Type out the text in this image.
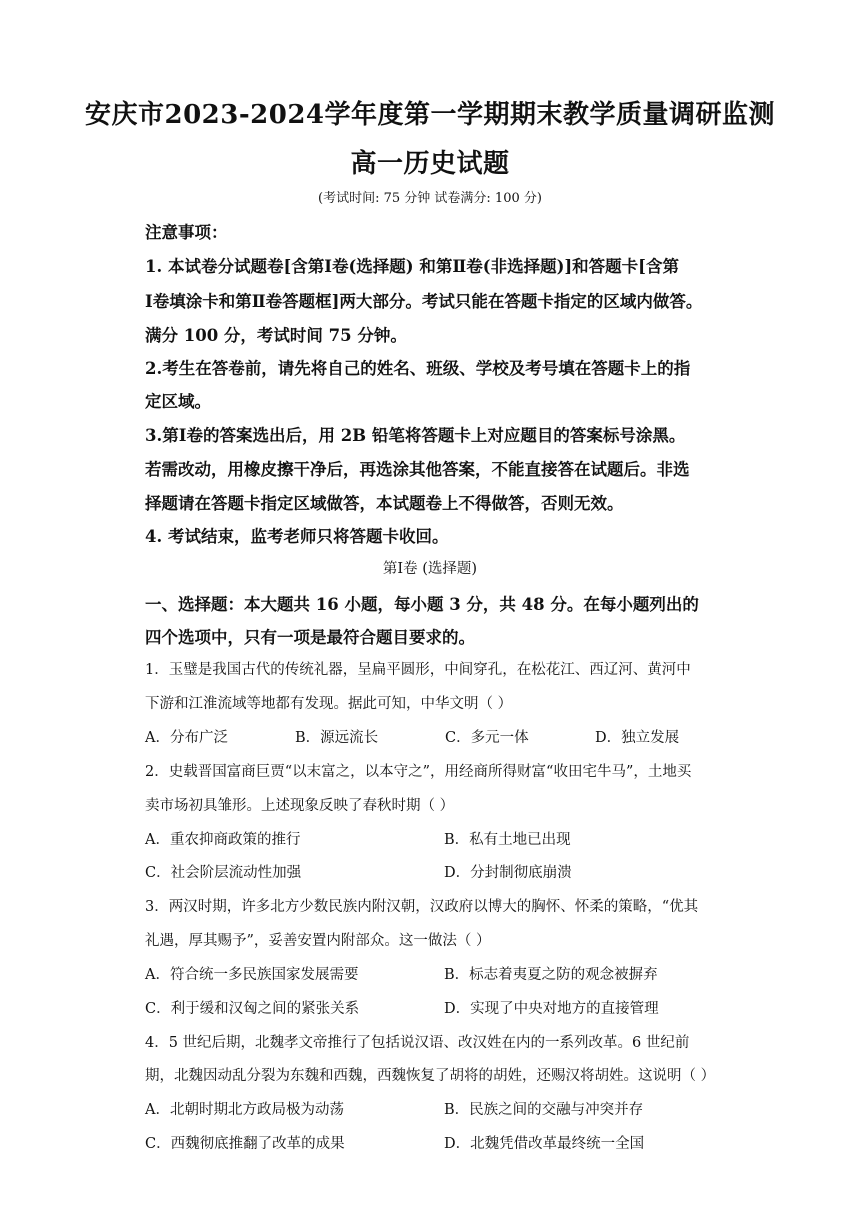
安庆市2023-2024学年度第一学期期末教学质量调研监测
高一历史试题
(考试时间: 75 分钟 试卷满分: 100 分)
注意事项：
1. 本试卷分试题卷[含第Ⅰ卷(选择题) 和第Ⅱ卷(非选择题)]和答题卡[含第
Ⅰ卷填涂卡和第Ⅱ卷答题框]两大部分。考试只能在答题卡指定的区域内做答。
满分 100 分，考试时间 75 分钟。
2.考生在答卷前，请先将自己的姓名、班级、学校及考号填在答题卡上的指
定区域。
3.第Ⅰ卷的答案选出后，用 2B 铅笔将答题卡上对应题目的答案标号涂黑。
若需改动，用橡皮擦干净后，再选涂其他答案，不能直接答在试题后。非选
择题请在答题卡指定区域做答，本试题卷上不得做答，否则无效。
4. 考试结束，监考老师只将答题卡收回。
第Ⅰ卷 (选择题)
一、选择题：本大题共 16 小题，每小题 3 分，共 48 分。在每小题列出的
四个选项中，只有一项是最符合题目要求的。
1．玉璧是我国古代的传统礼器，呈扁平圆形，中间穿孔，在松花江、西辽河、黄河中
下游和江淮流域等地都有发现。据此可知，中华文明（ ）
A．分布广泛	B．源远流长	C．多元一体	D．独立发展
2．史载晋国富商巨贾“以末富之，以本守之”，用经商所得财富“收田宅牛马”，土地买
卖市场初具雏形。上述现象反映了春秋时期（ ）
A．重农抑商政策的推行	B．私有土地已出现
C．社会阶层流动性加强	D．分封制彻底崩溃
3．两汉时期，许多北方少数民族内附汉朝，汉政府以博大的胸怀、怀柔的策略，“优其
礼遇，厚其赐予”，妥善安置内附部众。这一做法（ ）
A．符合统一多民族国家发展需要	B．标志着夷夏之防的观念被摒弃
C．利于缓和汉匈之间的紧张关系	D．实现了中央对地方的直接管理
4．5 世纪后期，北魏孝文帝推行了包括说汉语、改汉姓在内的一系列改革。6 世纪前
期，北魏因动乱分裂为东魏和西魏，西魏恢复了胡将的胡姓，还赐汉将胡姓。这说明（ ）
A．北朝时期北方政局极为动荡	B．民族之间的交融与冲突并存
C．西魏彻底推翻了改革的成果	D．北魏凭借改革最终统一全国
